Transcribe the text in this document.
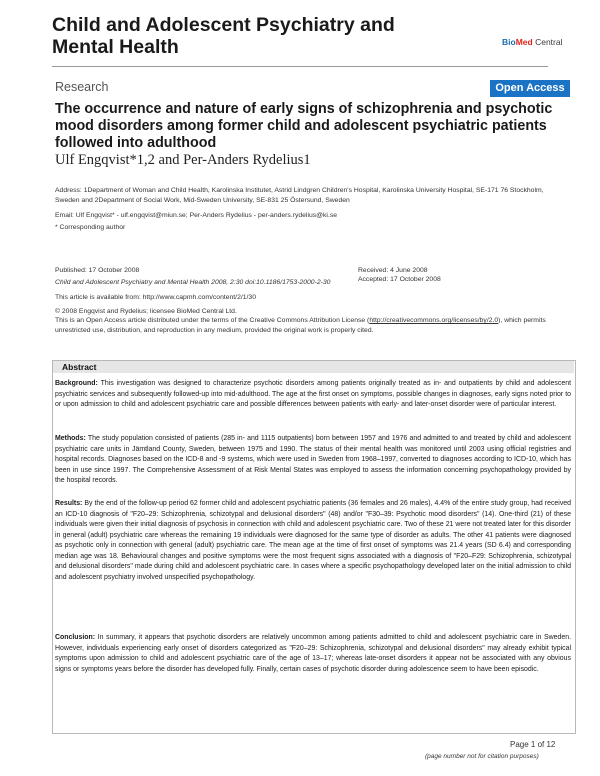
Child and Adolescent Psychiatry and
Mental Health	BioMed Central
Research	Open Access
The occurrence and nature of early signs of schizophrenia and psychotic mood disorders among former child and adolescent psychiatric patients followed into adulthood
Ulf Engqvist*1,2 and Per-Anders Rydelius1
Address: 1Department of Woman and Child Health, Karolinska Institutet, Astrid Lindgren Children's Hospital, Karolinska University Hospital, SE-171 76 Stockholm, Sweden and 2Department of Social Work, Mid-Sweden University, SE-831 25 Östersund, Sweden
Email: Ulf Engqvist* - ulf.engqvist@miun.se; Per-Anders Rydelius - per-anders.rydelius@ki.se
* Corresponding author
Published: 17 October 2008
Child and Adolescent Psychiatry and Mental Health 2008, 2:30 doi:10.1186/1753-2000-2-30
This article is available from: http://www.capmh.com/content/2/1/30
Received: 4 June 2008
Accepted: 17 October 2008
© 2008 Engqvist and Rydelius; licensee BioMed Central Ltd.
This is an Open Access article distributed under the terms of the Creative Commons Attribution License (http://creativecommons.org/licenses/by/2.0), which permits unrestricted use, distribution, and reproduction in any medium, provided the original work is properly cited.
Abstract
Background: This investigation was designed to characterize psychotic disorders among patients originally treated as in- and outpatients by child and adolescent psychiatric services and subsequently followed-up into mid-adulthood. The age at the first onset on symptoms, possible changes in diagnoses, early signs noted prior to or upon admission to child and adolescent psychiatric care and possible differences between patients with early- and later-onset disorder were of particular interest.
Methods: The study population consisted of patients (285 in- and 1115 outpatients) born between 1957 and 1976 and admitted to and treated by child and adolescent psychiatric care units in Jämtland County, Sweden, between 1975 and 1990. The status of their mental health was monitored until 2003 using official registries and hospital records. Diagnoses based on the ICD-8 and -9 systems, which were used in Sweden from 1968–1997, converted to diagnoses according to ICD-10, which has been in use since 1997. The Comprehensive Assessment of at Risk Mental States was employed to assess the information concerning psychopathology provided by the hospital records.
Results: By the end of the follow-up period 62 former child and adolescent psychiatric patients (36 females and 26 males), 4.4% of the entire study group, had received an ICD-10 diagnosis of "F20–29: Schizophrenia, schizotypal and delusional disorders" (48) and/or "F30–39: Psychotic mood disorders" (14). One-third (21) of these individuals were given their initial diagnosis of psychosis in connection with child and adolescent psychiatric care. Two of these 21 were not treated later for this disorder in general (adult) psychiatric care whereas the remaining 19 individuals were diagnosed for the same type of disorder as adults. The other 41 patients were diagnosed as psychotic only in connection with general (adult) psychiatric care. The mean age at the time of first onset of symptoms was 21.4 years (SD 6.4) and corresponding median age was 18. Behavioural changes and positive symptoms were the most frequent signs associated with a diagnosis of "F20–F29: Schizophrenia, schizotypal and delusional disorders" made during child and adolescent psychiatric care. In cases where a specific psychopathology developed later on the initial admission to child and adolescent psychiatry involved unspecified psychopathology.
Conclusion: In summary, it appears that psychotic disorders are relatively uncommon among patients admitted to child and adolescent psychiatric care in Sweden. However, individuals experiencing early onset of disorders categorized as "F20–29: Schizophrenia, schizotypal and delusional disorders" may already exhibit typical symptoms upon admission to child and adolescent psychiatric care of the age of 13–17; whereas late-onset disorders it appear not be associated with any obvious signs or symptoms years before the disorder has developed fully. Finally, certain cases of psychotic disorder during adolescence seem to have been episodic.
Page 1 of 12
(page number not for citation purposes)
